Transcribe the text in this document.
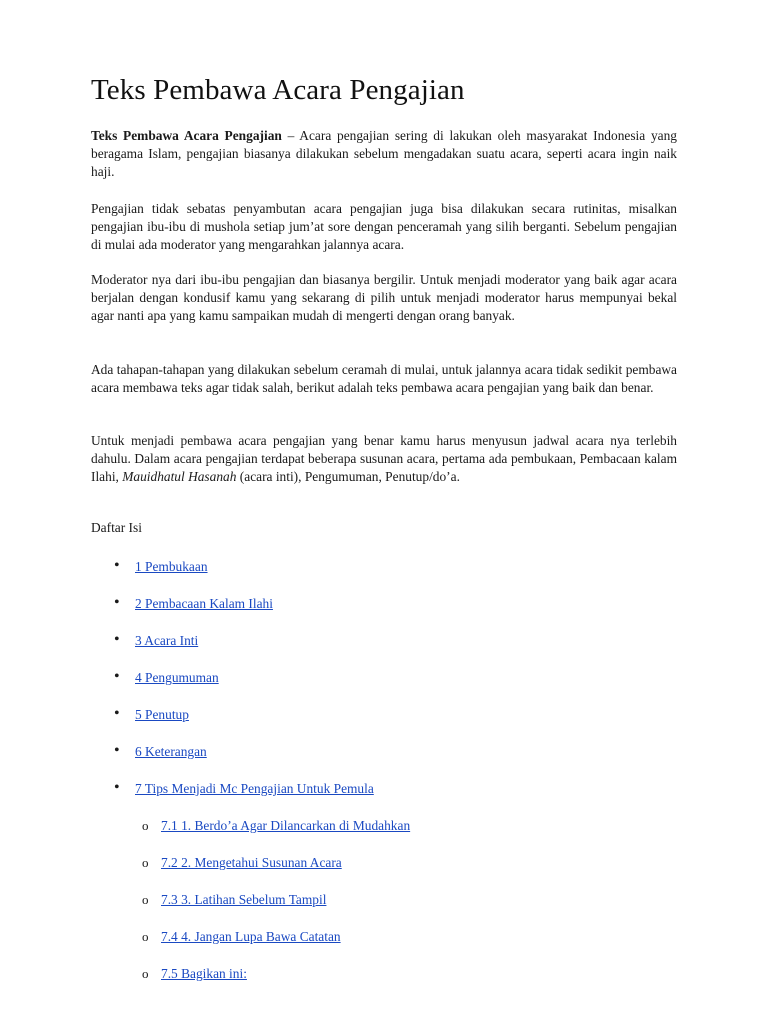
Teks Pembawa Acara Pengajian

Teks Pembawa Acara Pengajian – Acara pengajian sering di lakukan oleh masyarakat Indonesia yang beragama Islam, pengajian biasanya dilakukan sebelum mengadakan suatu acara, seperti acara ingin naik haji.

Pengajian tidak sebatas penyambutan acara pengajian juga bisa dilakukan secara rutinitas, misalkan pengajian ibu-ibu di mushola setiap jum’at sore dengan penceramah yang silih berganti. Sebelum pengajian di mulai ada moderator yang mengarahkan jalannya acara.

Moderator nya dari ibu-ibu pengajian dan biasanya bergilir. Untuk menjadi moderator yang baik agar acara berjalan dengan kondusif kamu yang sekarang di pilih untuk menjadi moderator harus mempunyai bekal agar nanti apa yang kamu sampaikan mudah di mengerti dengan orang banyak.

Ada tahapan-tahapan yang dilakukan sebelum ceramah di mulai, untuk jalannya acara tidak sedikit pembawa acara membawa teks agar tidak salah, berikut adalah teks pembawa acara pengajian yang baik dan benar.

Untuk menjadi pembawa acara pengajian yang benar kamu harus menyusun jadwal acara nya terlebih dahulu. Dalam acara pengajian terdapat beberapa susunan acara, pertama ada pembukaan, Pembacaan kalam Ilahi, Mauidhatul Hasanah (acara inti), Pengumuman, Penutup/do’a.

Daftar Isi

• 1 Pembukaan
• 2 Pembacaan Kalam Ilahi
• 3 Acara Inti
• 4 Pengumuman
• 5 Penutup
• 6 Keterangan
• 7 Tips Menjadi Mc Pengajian Untuk Pemula
o 7.1 1. Berdo’a Agar Dilancarkan di Mudahkan
o 7.2 2. Mengetahui Susunan Acara
o 7.3 3. Latihan Sebelum Tampil
o 7.4 4. Jangan Lupa Bawa Catatan
o 7.5 Bagikan ini:
